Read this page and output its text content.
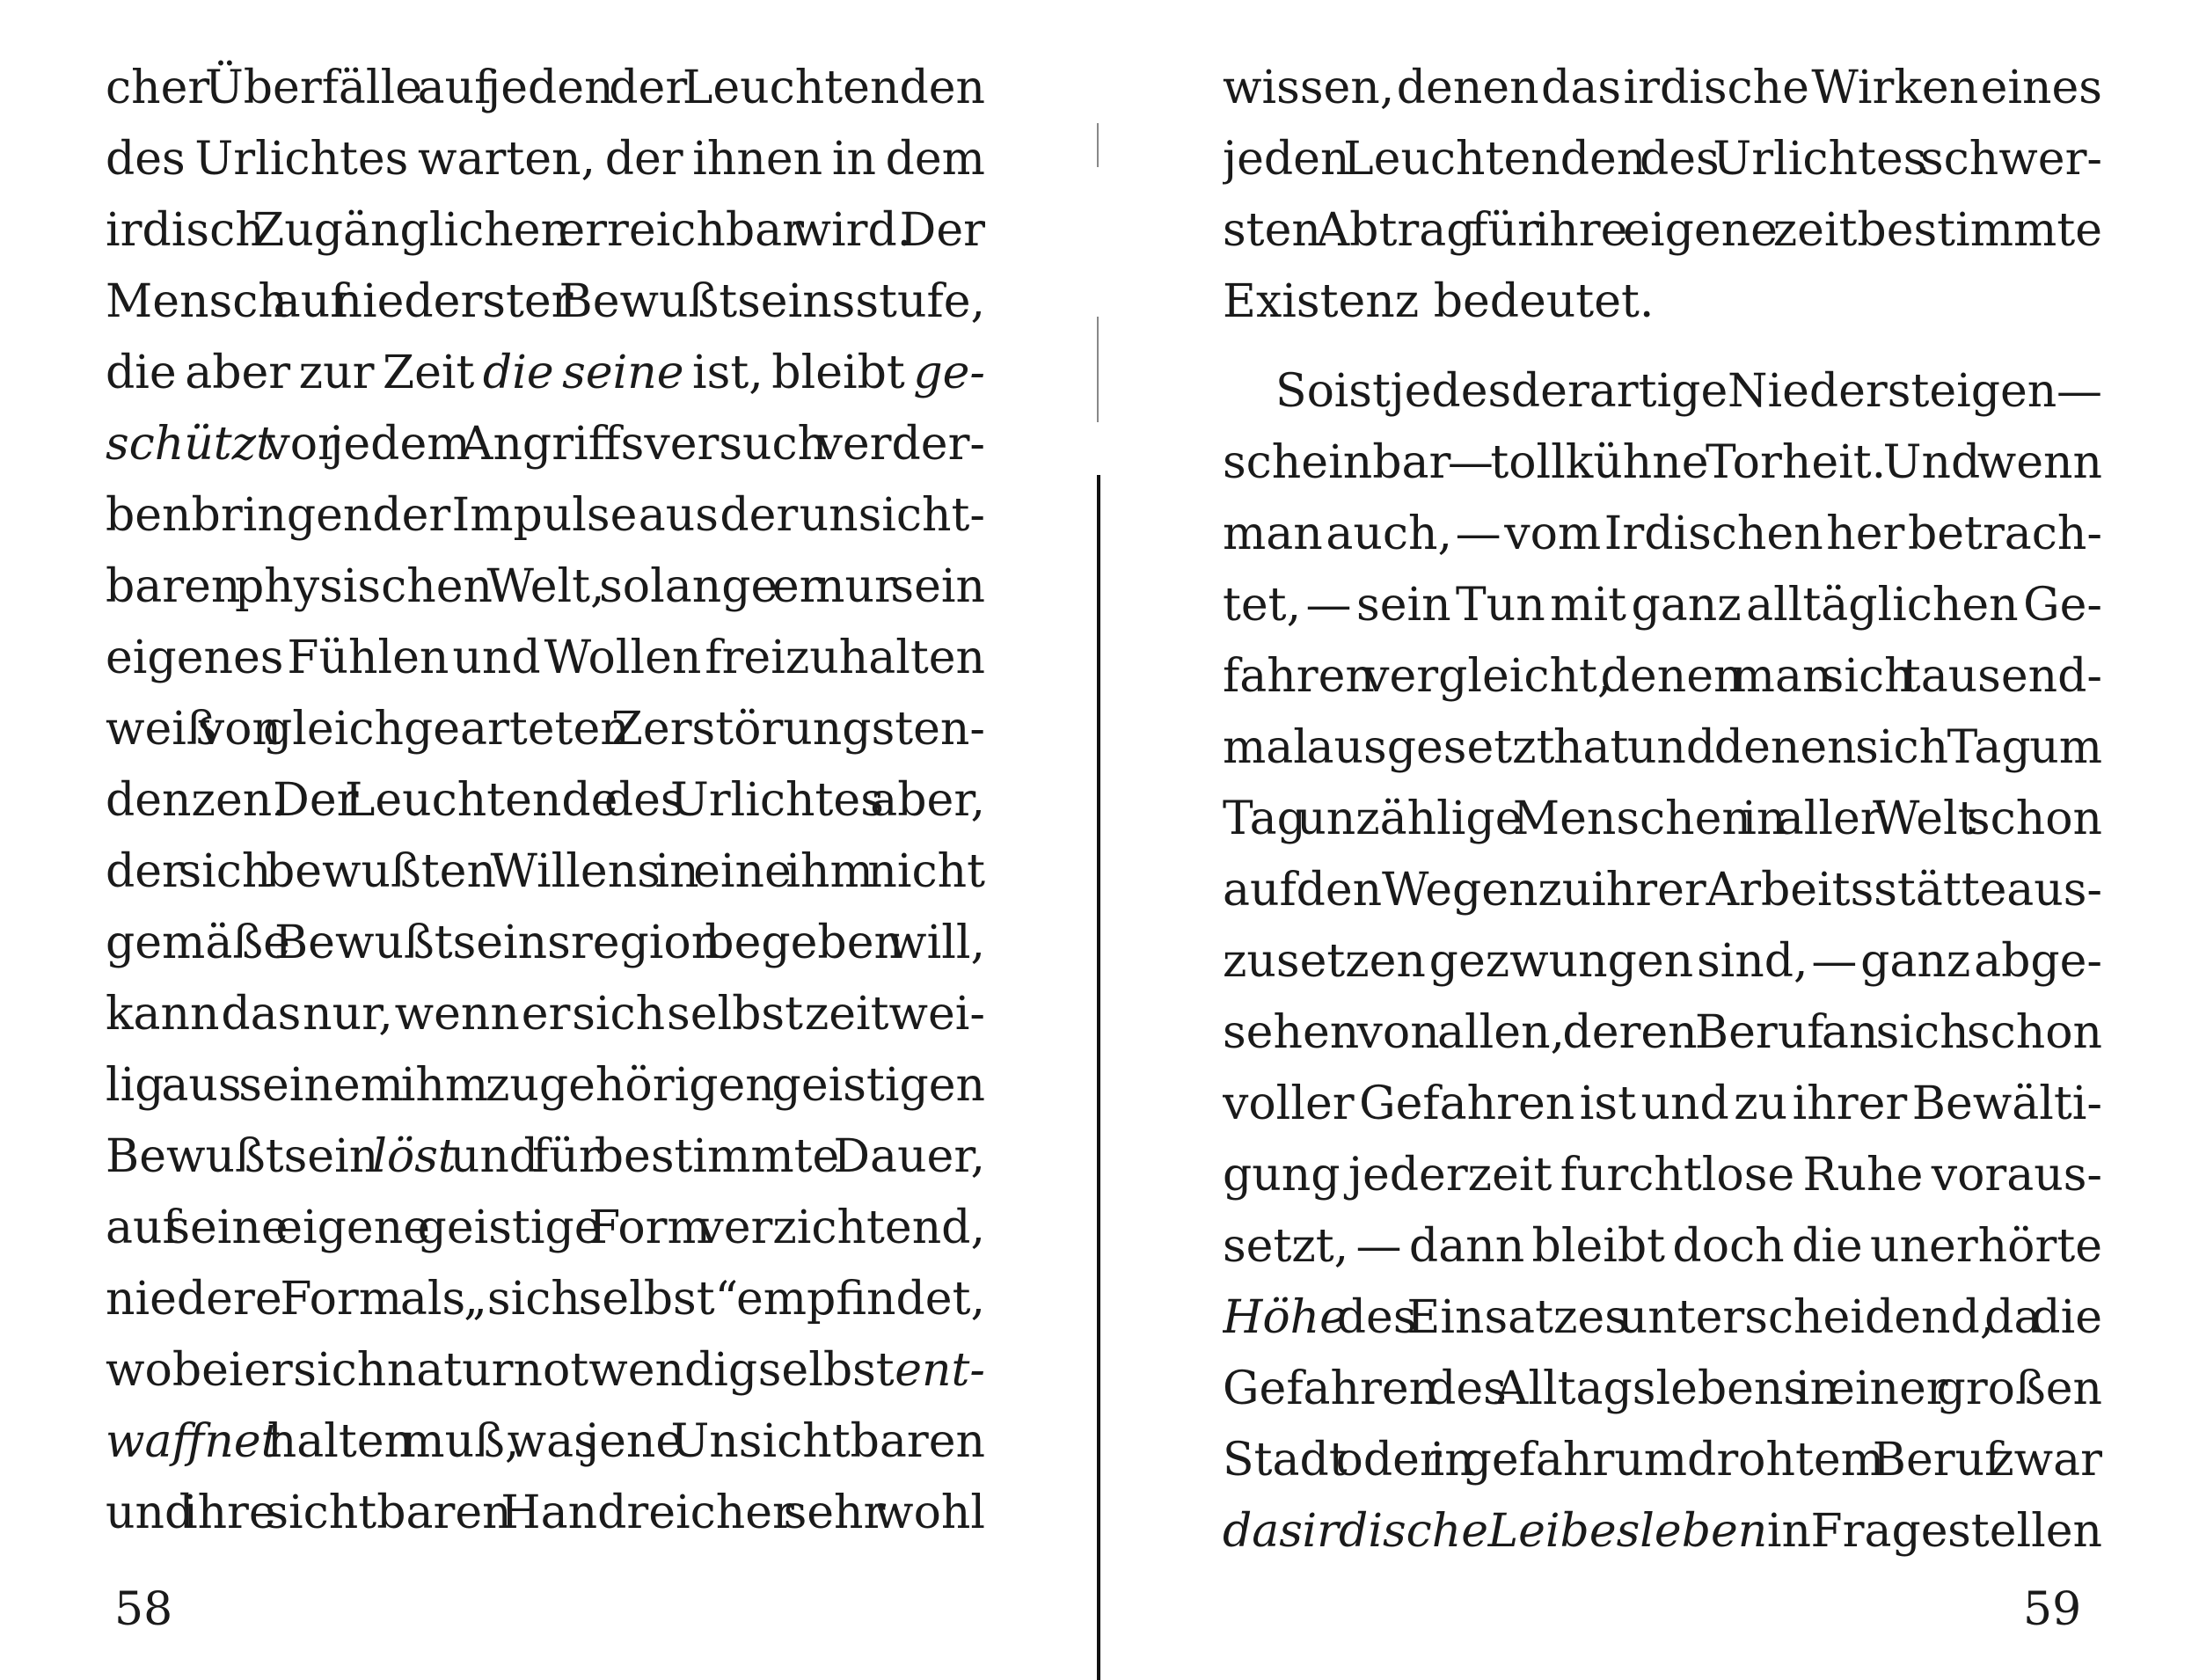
cher Überfälle auf jeden der Leuchtenden
des Urlichtes warten, der ihnen in dem
irdisch Zugänglichen erreichbar wird. Der
Mensch auf niederster Bewußtseinsstufe,
die aber zur Zeit die seine ist, bleibt ge-
schützt vor jedem Angriffsversuch verder-
benbringender Impulse aus der unsicht-
baren physischen Welt, solange er nur sein
eigenes Fühlen und Wollen freizuhalten
weiß von gleichgearteten Zerstörungsten-
denzen. Der Leuchtende des Urlichtes aber,
der sich bewußten Willens in eine ihm nicht
gemäße Bewußtseinsregion begeben will,
kann das nur, wenn er sich selbst zeitwei-
lig aus seinem ihm zugehörigen geistigen
Bewußtsein löst und für bestimmte Dauer,
auf seine eigene geistige Form verzichtend,
niedere Form als „sich selbst“ empfindet,
wobei er sich naturnotwendig selbst ent-
waffnet halten muß, was jene Unsichtbaren
und ihre sichtbaren Handreicher sehr wohl
wissen, denen das irdische Wirken eines
jeden Leuchtenden des Urlichtes schwer-
sten Abtrag für ihre eigene zeitbestimmte
Existenz bedeutet.
So ist jedes derartige Niedersteigen —
scheinbar — tollkühne Torheit. Und wenn
man auch, — vom Irdischen her betrach-
tet, — sein Tun mit ganz alltäglichen Ge-
fahren vergleicht, denen man sich tausend-
mal ausgesetzt hat und denen sich Tag um
Tag unzählige Menschen in aller Welt schon
auf den Wegen zu ihrer Arbeitsstätte aus-
zusetzen gezwungen sind, — ganz abge-
sehen von allen, deren Beruf an sich schon
voller Gefahren ist und zu ihrer Bewälti-
gung jederzeit furchtlose Ruhe voraus-
setzt, — dann bleibt doch die unerhörte
Höhe des Einsatzes unterscheidend, da die
Gefahren des Alltagslebens in einer großen
Stadt oder in gefahrumdrohtem Beruf zwar
das irdische Leibesleben in Frage stellen
58	59
